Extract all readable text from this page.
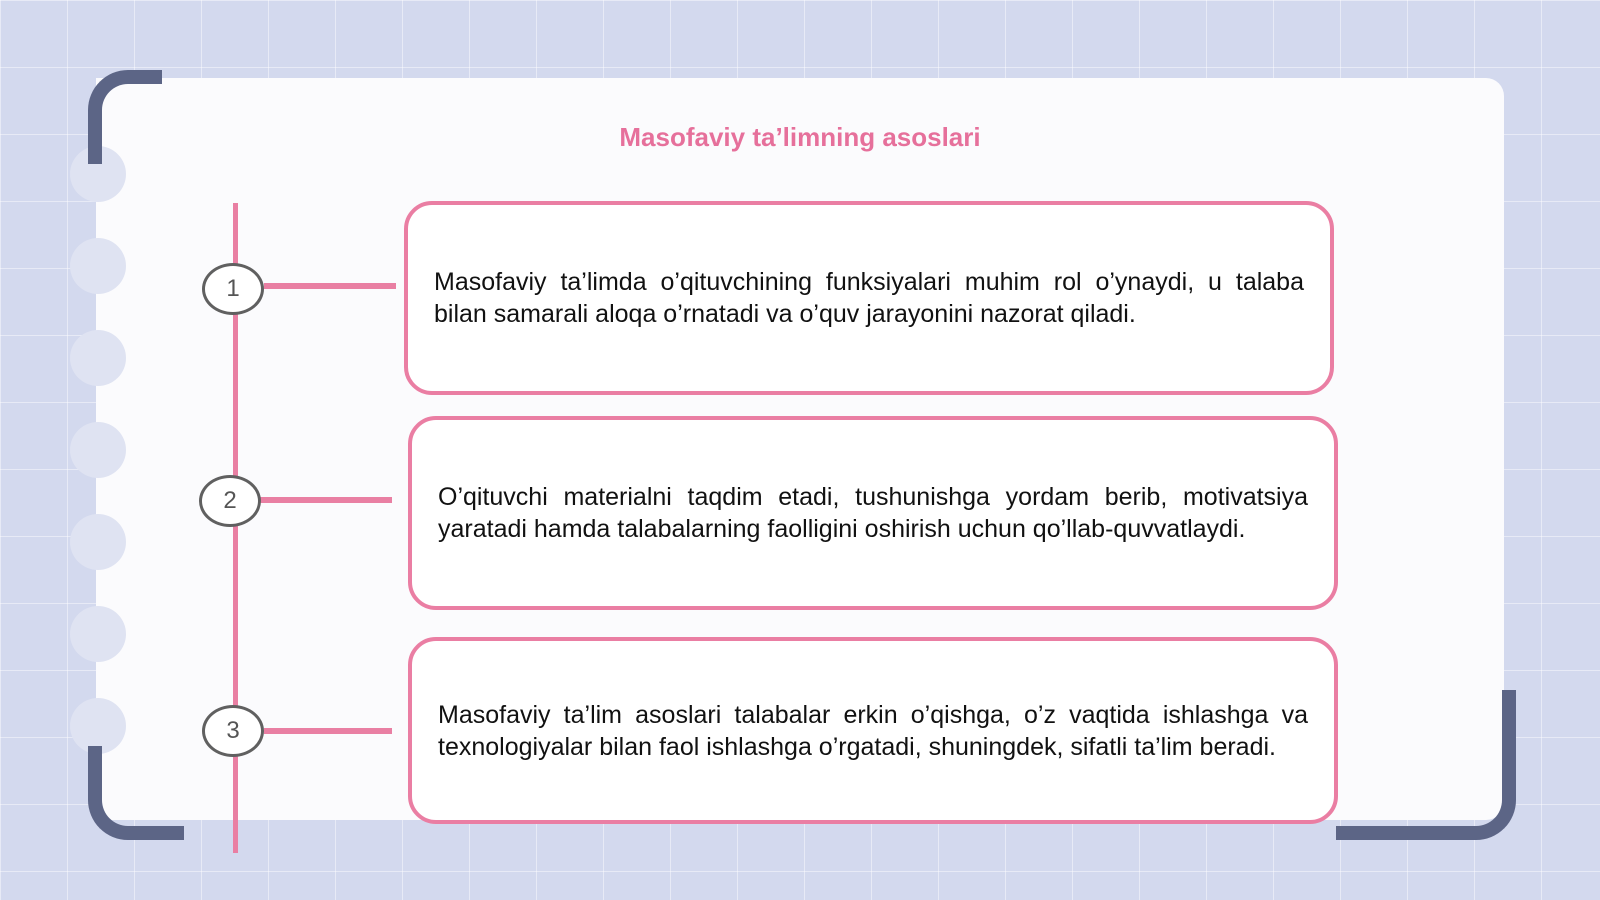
Masofaviy ta’limning asoslari
1	Masofaviy ta’limda o’qituvchining funksiyalari muhim rol o’ynaydi, u talaba bilan samarali aloqa o’rnatadi va o’quv jarayonini nazorat qiladi.

2	O’qituvchi materialni taqdim etadi, tushunishga yordam berib, motivatsiya yaratadi hamda talabalarning faolligini oshirish uchun qo’llab-quvvatlaydi.

3

Masofaviy ta’lim asoslari talabalar erkin o’qishga, o’z vaqtida ishlashga va texnologiyalar bilan faol ishlashga o’rgatadi, shuningdek, sifatli ta’lim beradi.
